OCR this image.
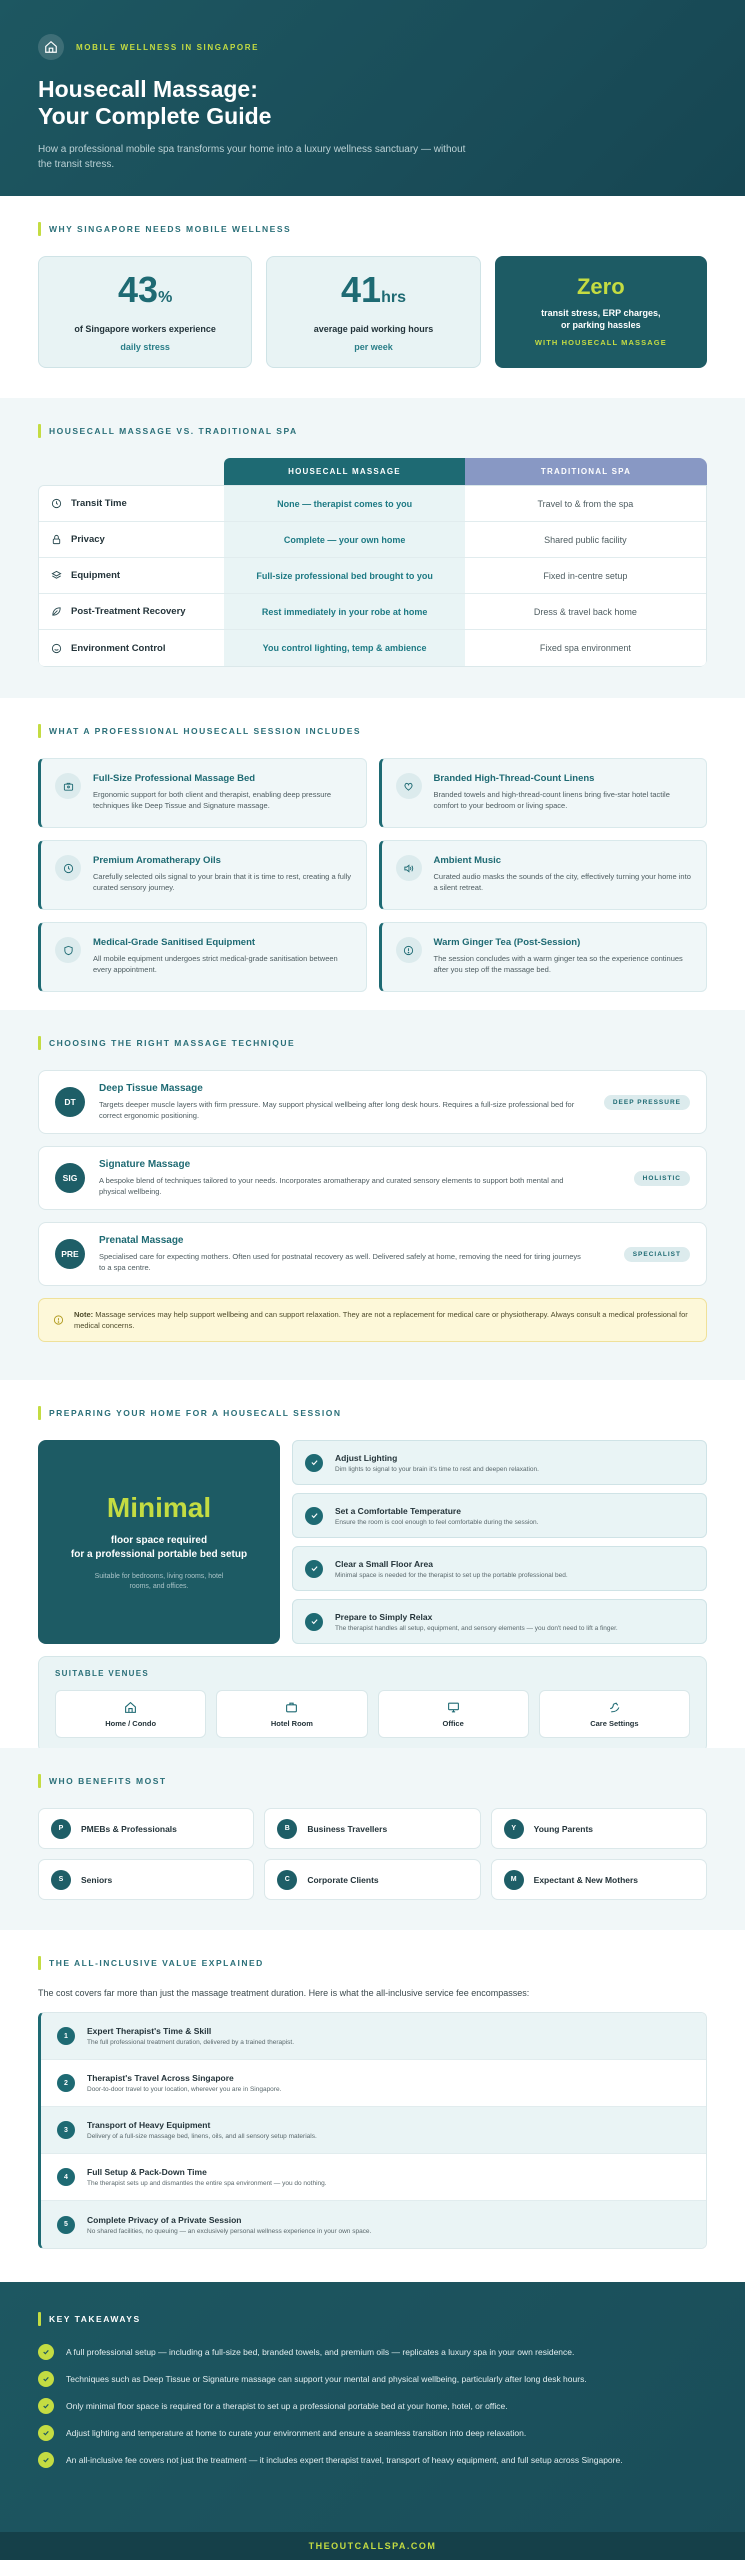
MOBILE WELLNESS IN SINGAPORE
Housecall Massage:
Your Complete Guide

How a professional mobile spa transforms your home into a luxury wellness sanctuary — without the transit stress.

WHY SINGAPORE NEEDS MOBILE WELLNESS
43%
of Singapore workers experience
daily stress
41hrs
average paid working hours
per week
Zero
transit stress, ERP charges,
or parking hassles
WITH HOUSECALL MASSAGE
HOUSECALL MASSAGE VS. TRADITIONAL SPA
HOUSECALL MASSAGE	TRADITIONAL SPA
Transit Time	None — therapist comes to you	Travel to & from the spa
Privacy	Complete — your own home	Shared public facility
Equipment	Full-size professional bed brought to you	Fixed in-centre setup
Post-Treatment Recovery	Rest immediately in your robe at home	Dress & travel back home
Environment Control	You control lighting, temp & ambience	Fixed spa environment
WHAT A PROFESSIONAL HOUSECALL SESSION INCLUDES
Full-Size Professional Massage Bed

Ergonomic support for both client and therapist, enabling deep pressure techniques like Deep Tissue and Signature massage.

Branded High-Thread-Count Linens

Branded towels and high-thread-count linens bring five-star hotel tactile comfort to your bedroom or living space.

Premium Aromatherapy Oils

Carefully selected oils signal to your brain that it is time to rest, creating a fully curated sensory journey.

Ambient Music

Curated audio masks the sounds of the city, effectively turning your home into a silent retreat.

Medical-Grade Sanitised Equipment

All mobile equipment undergoes strict medical-grade sanitisation between every appointment.

Warm Ginger Tea (Post-Session)

The session concludes with a warm ginger tea so the experience continues after you step off the massage bed.

CHOOSING THE RIGHT MASSAGE TECHNIQUE
DT
Deep Tissue Massage

Targets deeper muscle layers with firm pressure. May support physical wellbeing after long desk hours. Requires a full-size professional bed for correct ergonomic positioning.

DEEP PRESSURE
SIG
Signature Massage

A bespoke blend of techniques tailored to your needs. Incorporates aromatherapy and curated sensory elements to support both mental and physical wellbeing.

HOLISTIC
PRE
Prenatal Massage

Specialised care for expecting mothers. Often used for postnatal recovery as well. Delivered safely at home, removing the need for tiring journeys to a spa centre.

SPECIALIST

Note: Massage services may help support wellbeing and can support relaxation. They are not a replacement for medical care or physiotherapy. Always consult a medical professional for medical concerns.

PREPARING YOUR HOME FOR A HOUSECALL SESSION
Minimal
floor space required
for a professional portable bed setup
Suitable for bedrooms, living rooms, hotel rooms, and offices.
Adjust Lighting

Dim lights to signal to your brain it's time to rest and deepen relaxation.

Set a Comfortable Temperature

Ensure the room is cool enough to feel comfortable during the session.

Clear a Small Floor Area

Minimal space is needed for the therapist to set up the portable professional bed.

Prepare to Simply Relax

The therapist handles all setup, equipment, and sensory elements — you don't need to lift a finger.

SUITABLE VENUES
Home / Condo	Hotel Room	Office	Care Settings
WHO BENEFITS MOST
P	PMEBs & Professionals	B	Business Travellers	Y	Young Parents
S	Seniors	C	Corporate Clients	M	Expectant & New Mothers
THE ALL-INCLUSIVE VALUE EXPLAINED

The cost covers far more than just the massage treatment duration. Here is what the all-inclusive service fee encompasses:

1	Expert Therapist's Time & Skill

The full professional treatment duration, delivered by a trained therapist.

2	Therapist's Travel Across Singapore

Door-to-door travel to your location, wherever you are in Singapore.

3	Transport of Heavy Equipment

Delivery of a full-size massage bed, linens, oils, and all sensory setup materials.

4	Full Setup & Pack-Down Time

The therapist sets up and dismantles the entire spa environment — you do nothing.

5	Complete Privacy of a Private Session

No shared facilities, no queuing — an exclusively personal wellness experience in your own space.

KEY TAKEAWAYS

A full professional setup — including a full-size bed, branded towels, and premium oils — replicates a luxury spa in your own residence.

Techniques such as Deep Tissue or Signature massage can support your mental and physical wellbeing, particularly after long desk hours.

Only minimal floor space is required for a therapist to set up a professional portable bed at your home, hotel, or office.

Adjust lighting and temperature at home to curate your environment and ensure a seamless transition into deep relaxation.

An all-inclusive fee covers not just the treatment — it includes expert therapist travel, transport of heavy equipment, and full setup across Singapore.

THEOUTCALLSPA.COM
